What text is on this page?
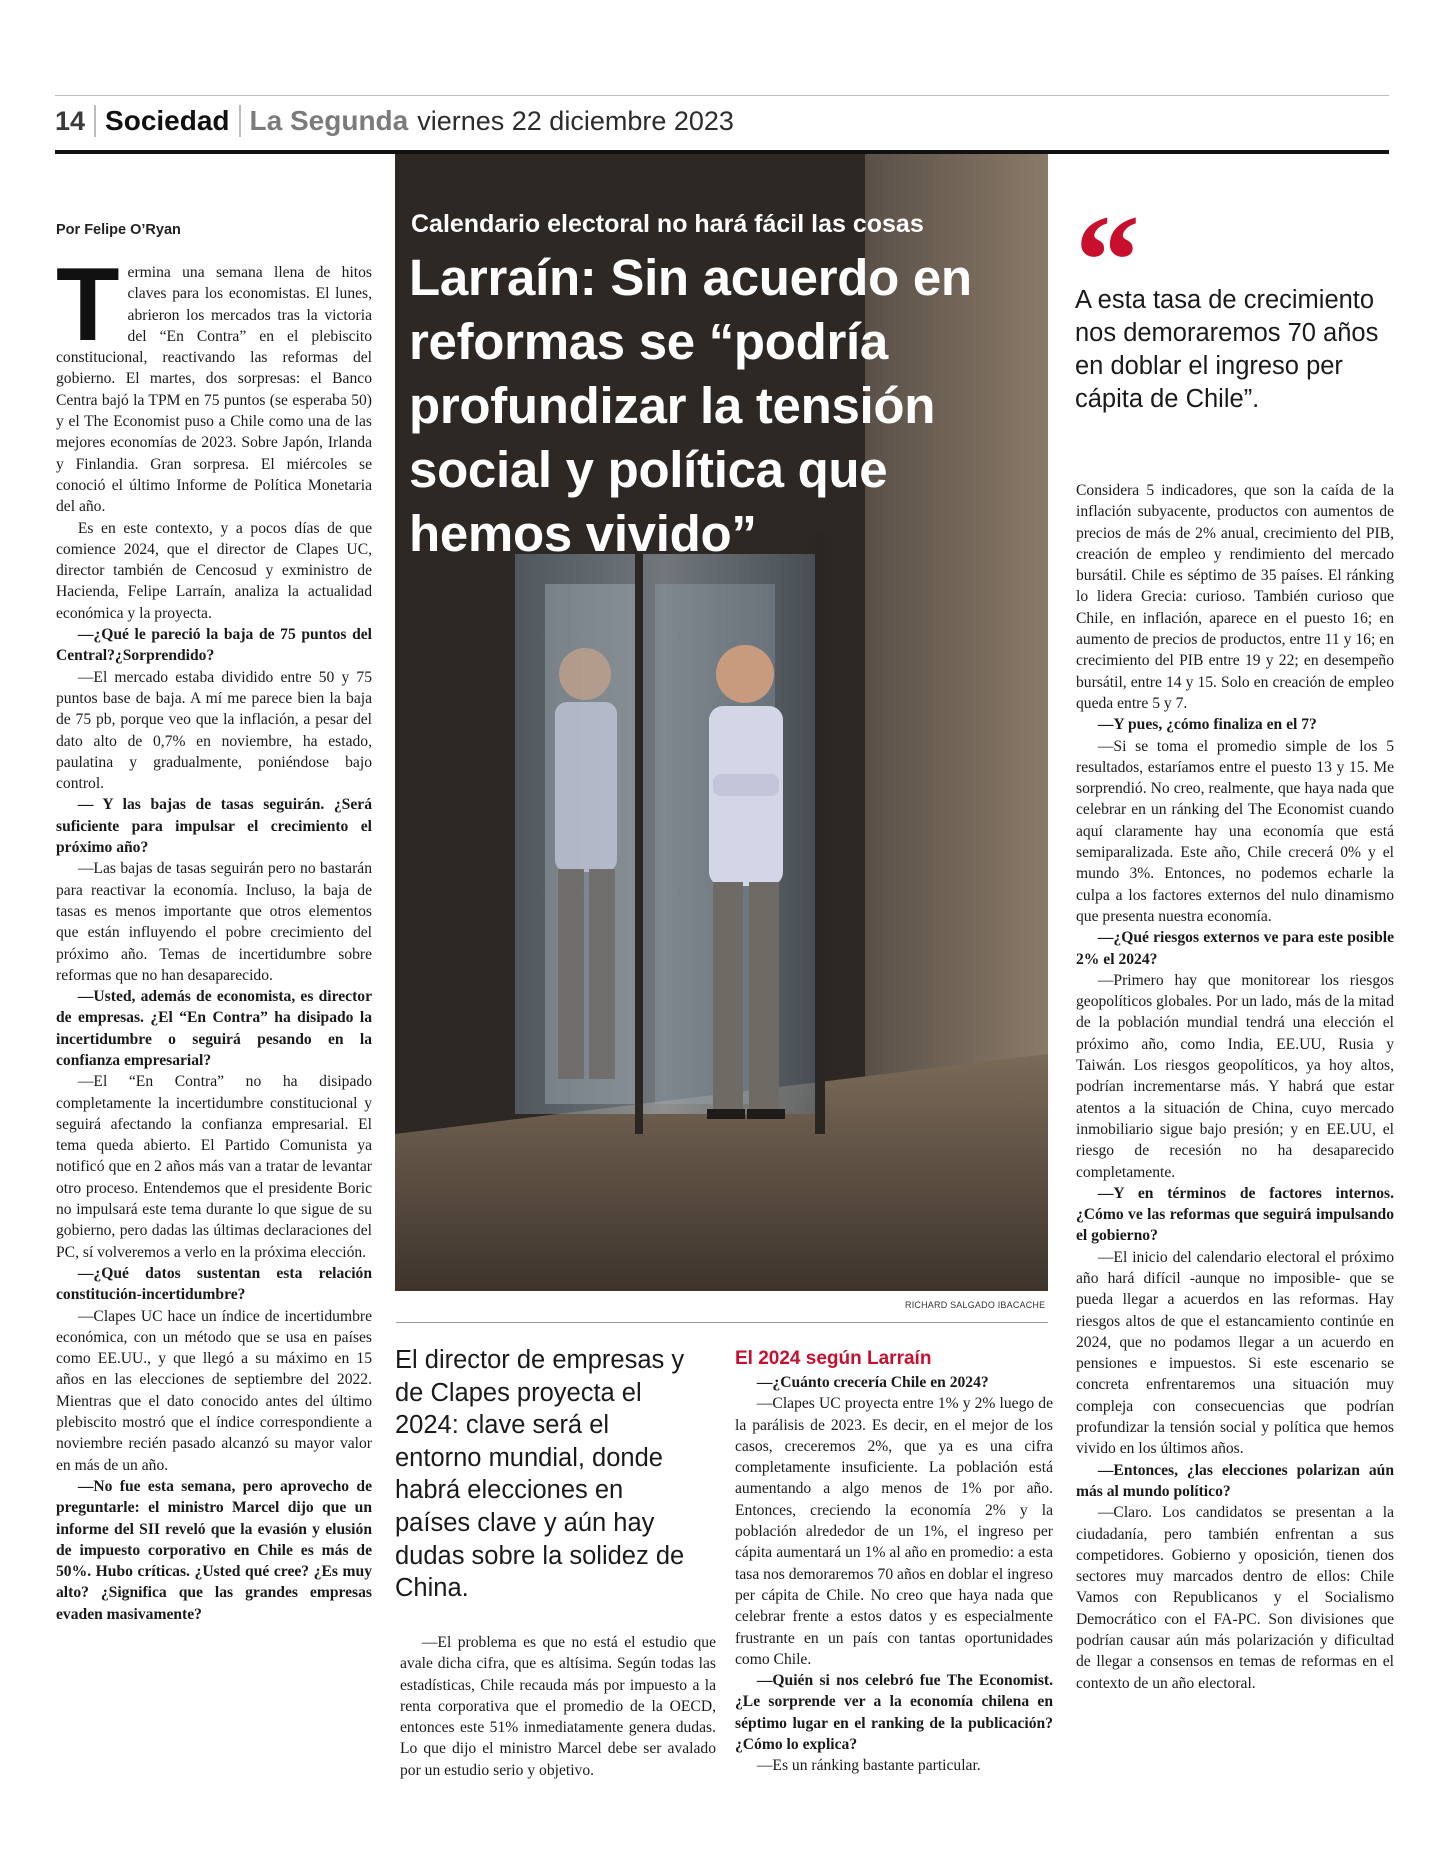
14 Sociedad La Segunda viernes 22 diciembre 2023
Por Felipe O’Ryan

Termina una semana llena de hitos claves para los economistas. El lunes, abrieron los mercados tras la victoria del “En Contra” en el plebiscito constitucional, reactivando las reformas del gobierno. El martes, dos sorpresas: el Banco Centra bajó la TPM en 75 puntos (se esperaba 50) y el The Economist puso a Chile como una de las mejores economías de 2023. Sobre Japón, Irlanda y Finlandia. Gran sorpresa. El miércoles se conoció el último Informe de Política Monetaria del año.

Es en este contexto, y a pocos días de que comience 2024, que el director de Clapes UC, director también de Cencosud y exministro de Hacienda, Felipe Larraín, analiza la actualidad económica y la proyecta.

—¿Qué le pareció la baja de 75 puntos del Central?¿Sorprendido?

—El mercado estaba dividido entre 50 y 75 puntos base de baja. A mí me parece bien la baja de 75 pb, porque veo que la inflación, a pesar del dato alto de 0,7% en noviembre, ha estado, paulatina y gradualmente, poniéndose bajo control.

— Y las bajas de tasas seguirán. ¿Será suficiente para impulsar el crecimiento el próximo año?

—Las bajas de tasas seguirán pero no bastarán para reactivar la economía. Incluso, la baja de tasas es menos importante que otros elementos que están influyendo el pobre crecimiento del próximo año. Temas de incertidumbre sobre reformas que no han desaparecido.

—Usted, además de economista, es director de empresas. ¿El “En Contra” ha disipado la incertidumbre o seguirá pesando en la confianza empresarial?

—El “En Contra” no ha disipado completamente la incertidumbre constitucional y seguirá afectando la confianza empresarial. El tema queda abierto. El Partido Comunista ya notificó que en 2 años más van a tratar de levantar otro proceso. Entendemos que el presidente Boric no impulsará este tema durante lo que sigue de su gobierno, pero dadas las últimas declaraciones del PC, sí volveremos a verlo en la próxima elección.

—¿Qué datos sustentan esta relación constitución-incertidumbre?

—Clapes UC hace un índice de incertidumbre económica, con un método que se usa en países como EE.UU., y que llegó a su máximo en 15 años en las elecciones de septiembre del 2022. Mientras que el dato conocido antes del último plebiscito mostró que el índice correspondiente a noviembre recién pasado alcanzó su mayor valor en más de un año.

—No fue esta semana, pero aprovecho de preguntarle: el ministro Marcel dijo que un informe del SII reveló que la evasión y elusión de impuesto corporativo en Chile es más de 50%. Hubo críticas. ¿Usted qué cree? ¿Es muy alto? ¿Significa que las grandes empresas evaden masivamente?

Calendario electoral no hará fácil las cosas
Larraín: Sin acuerdo en reformas se “podría profundizar la tensión social y política que hemos vivido”
RICHARD SALGADO IBACACHE
El director de empresas y de Clapes proyecta el 2024: clave será el entorno mundial, donde habrá elecciones en países clave y aún hay dudas sobre la solidez de China.

—El problema es que no está el estudio que avale dicha cifra, que es altísima. Según todas las estadísticas, Chile recauda más por impuesto a la renta corporativa que el promedio de la OECD, entonces este 51% inmediatamente genera dudas. Lo que dijo el ministro Marcel debe ser avalado por un estudio serio y objetivo.

El 2024 según Larraín

—¿Cuánto crecería Chile en 2024?

—Clapes UC proyecta entre 1% y 2% luego de la parálisis de 2023. Es decir, en el mejor de los casos, creceremos 2%, que ya es una cifra completamente insuficiente. La población está aumentando a algo menos de 1% por año. Entonces, creciendo la economía 2% y la población alrededor de un 1%, el ingreso per cápita aumentará un 1% al año en promedio: a esta tasa nos demoraremos 70 años en doblar el ingreso per cápita de Chile. No creo que haya nada que celebrar frente a estos datos y es especialmente frustrante en un país con tantas oportunidades como Chile.

—Quién si nos celebró fue The Economist. ¿Le sorprende ver a la economía chilena en séptimo lugar en el ranking de la publicación? ¿Cómo lo explica?

—Es un ránking bastante particular.

“
A esta tasa de crecimiento nos demoraremos 70 años en doblar el ingreso per cápita de Chile”.

Considera 5 indicadores, que son la caída de la inflación subyacente, productos con aumentos de precios de más de 2% anual, crecimiento del PIB, creación de empleo y rendimiento del mercado bursátil. Chile es séptimo de 35 países. El ránking lo lidera Grecia: curioso. También curioso que Chile, en inflación, aparece en el puesto 16; en aumento de precios de productos, entre 11 y 16; en crecimiento del PIB entre 19 y 22; en desempeño bursátil, entre 14 y 15. Solo en creación de empleo queda entre 5 y 7.

—Y pues, ¿cómo finaliza en el 7?

—Si se toma el promedio simple de los 5 resultados, estaríamos entre el puesto 13 y 15. Me sorprendió. No creo, realmente, que haya nada que celebrar en un ránking del The Economist cuando aquí claramente hay una economía que está semiparalizada. Este año, Chile crecerá 0% y el mundo 3%. Entonces, no podemos echarle la culpa a los factores externos del nulo dinamismo que presenta nuestra economía.

—¿Qué riesgos externos ve para este posible 2% el 2024?

—Primero hay que monitorear los riesgos geopolíticos globales. Por un lado, más de la mitad de la población mundial tendrá una elección el próximo año, como India, EE.UU, Rusia y Taiwán. Los riesgos geopolíticos, ya hoy altos, podrían incrementarse más. Y habrá que estar atentos a la situación de China, cuyo mercado inmobiliario sigue bajo presión; y en EE.UU, el riesgo de recesión no ha desaparecido completamente.

—Y en términos de factores internos. ¿Cómo ve las reformas que seguirá impulsando el gobierno?

—El inicio del calendario electoral el próximo año hará difícil -aunque no imposible- que se pueda llegar a acuerdos en las reformas. Hay riesgos altos de que el estancamiento continúe en 2024, que no podamos llegar a un acuerdo en pensiones e impuestos. Si este escenario se concreta enfrentaremos una situación muy compleja con consecuencias que podrían profundizar la tensión social y política que hemos vivido en los últimos años.

—Entonces, ¿las elecciones polarizan aún más al mundo político?

—Claro. Los candidatos se presentan a la ciudadanía, pero también enfrentan a sus competidores. Gobierno y oposición, tienen dos sectores muy marcados dentro de ellos: Chile Vamos con Republicanos y el Socialismo Democrático con el FA-PC. Son divisiones que podrían causar aún más polarización y dificultad de llegar a consensos en temas de reformas en el contexto de un año electoral.
